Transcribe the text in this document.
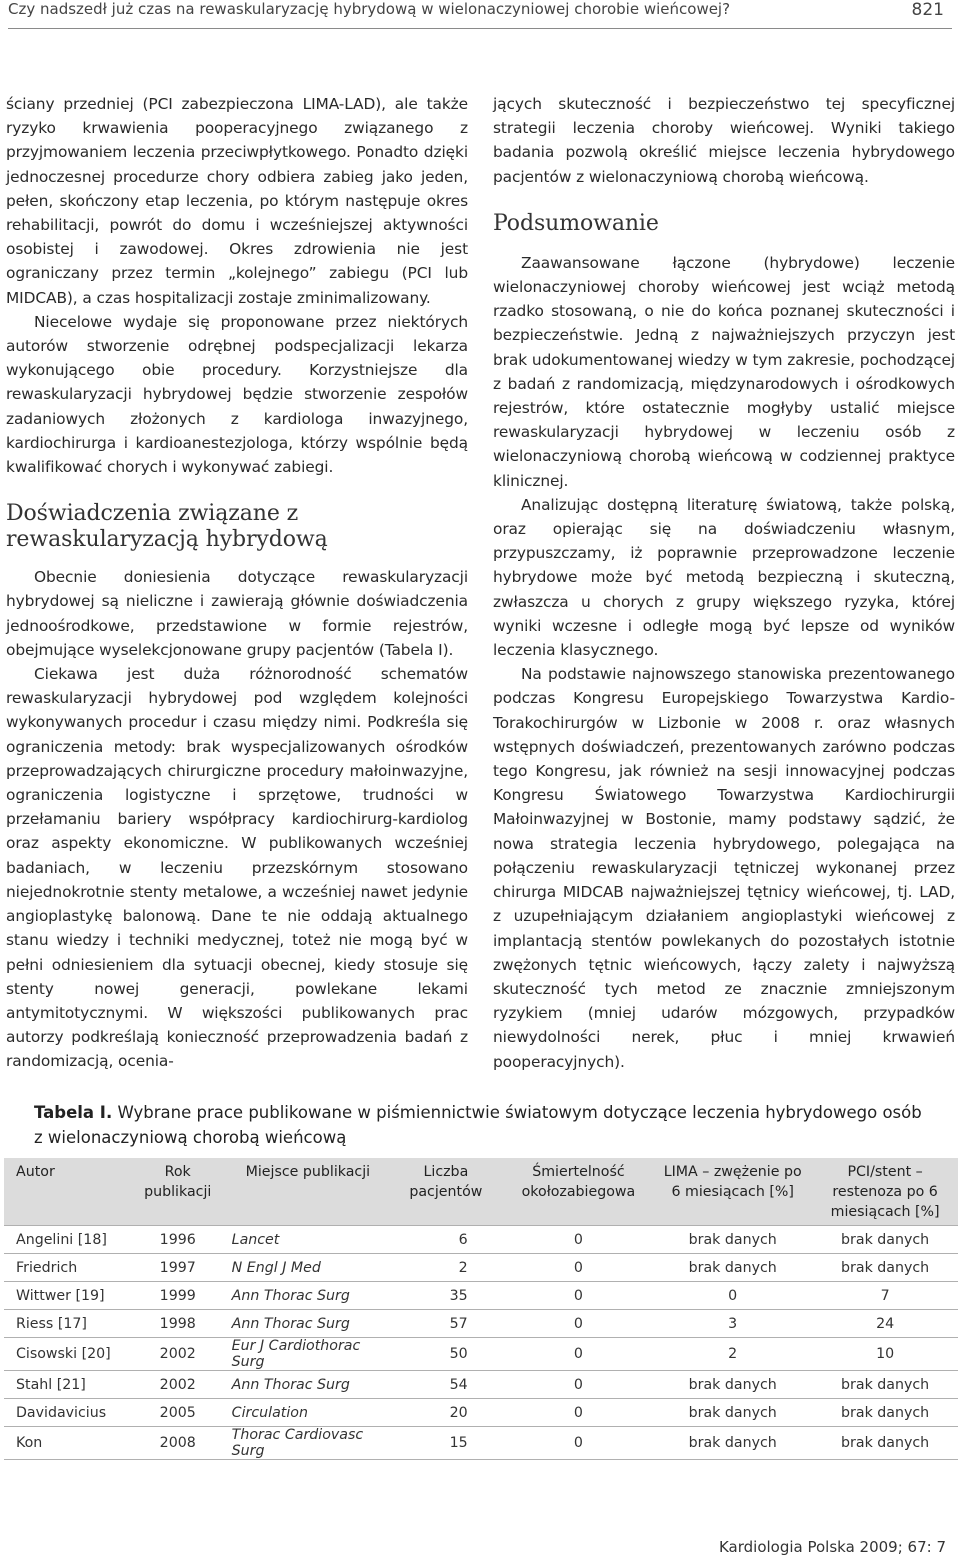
Czy nadszedł już czas na rewaskularyzację hybrydową w wielonaczyniowej chorobie wieńcowej?	821

ściany przedniej (PCI zabezpieczona LIMA-LAD), ale także ryzyko krwawienia pooperacyjnego związanego z przyjmowaniem leczenia przeciwpłytkowego. Ponadto dzięki jednoczesnej procedurze chory odbiera zabieg jako jeden, pełen, skończony etap leczenia, po którym następuje okres rehabilitacji, powrót do domu i wcześniejszej aktywności osobistej i zawodowej. Okres zdrowienia nie jest ograniczany przez termin „kolejnego” zabiegu (PCI lub MIDCAB), a czas hospitalizacji zostaje zminimalizowany.

Niecelowe wydaje się proponowane przez niektórych autorów stworzenie odrębnej podspecjalizacji lekarza wykonującego obie procedury. Korzystniejsze dla rewaskularyzacji hybrydowej będzie stworzenie zespołów zadaniowych złożonych z kardiologa inwazyjnego, kardiochirurga i kardioanestezjologa, którzy wspólnie będą kwalifikować chorych i wykonywać zabiegi.

Doświadczenia związane z rewaskularyzacją hybrydową

Obecnie doniesienia dotyczące rewaskularyzacji hybrydowej są nieliczne i zawierają głównie doświadczenia jednoośrodkowe, przedstawione w formie rejestrów, obejmujące wyselekcjonowane grupy pacjentów (Tabela I).

Ciekawa jest duża różnorodność schematów rewaskularyzacji hybrydowej pod względem kolejności wykonywanych procedur i czasu między nimi. Podkreśla się ograniczenia metody: brak wyspecjalizowanych ośrodków przeprowadzających chirurgiczne procedury małoinwazyjne, ograniczenia logistyczne i sprzętowe, trudności w przełamaniu bariery współpracy kardiochirurg-kardiolog oraz aspekty ekonomiczne. W publikowanych wcześniej badaniach, w leczeniu przezskórnym stosowano niejednokrotnie stenty metalowe, a wcześniej nawet jedynie angioplastykę balonową. Dane te nie oddają aktualnego stanu wiedzy i techniki medycznej, toteż nie mogą być w pełni odniesieniem dla sytuacji obecnej, kiedy stosuje się stenty nowej generacji, powlekane lekami antymitotycznymi. W większości publikowanych prac autorzy podkreślają konieczność przeprowadzenia badań z randomizacją, ocenia-

jących skuteczność i bezpieczeństwo tej specyficznej strategii leczenia choroby wieńcowej. Wyniki takiego badania pozwolą określić miejsce leczenia hybrydowego pacjentów z wielonaczyniową chorobą wieńcową.

Podsumowanie

Zaawansowane łączone (hybrydowe) leczenie wielonaczyniowej choroby wieńcowej jest wciąż metodą rzadko stosowaną, o nie do końca poznanej skuteczności i bezpieczeństwie. Jedną z najważniejszych przyczyn jest brak udokumentowanej wiedzy w tym zakresie, pochodzącej z badań z randomizacją, międzynarodowych i ośrodkowych rejestrów, które ostatecznie mogłyby ustalić miejsce rewaskularyzacji hybrydowej w leczeniu osób z wielonaczyniową chorobą wieńcową w codziennej praktyce klinicznej.

Analizując dostępną literaturę światową, także polską, oraz opierając się na doświadczeniu własnym, przypuszczamy, iż poprawnie przeprowadzone leczenie hybrydowe może być metodą bezpieczną i skuteczną, zwłaszcza u chorych z grupy większego ryzyka, której wyniki wczesne i odległe mogą być lepsze od wyników leczenia klasycznego.

Na podstawie najnowszego stanowiska prezentowanego podczas Kongresu Europejskiego Towarzystwa Kardio-Torakochirurgów w Lizbonie w 2008 r. oraz własnych wstępnych doświadczeń, prezentowanych zarówno podczas tego Kongresu, jak również na sesji innowacyjnej podczas Kongresu Światowego Towarzystwa Kardiochirurgii Małoinwazyjnej w Bostonie, mamy podstawy sądzić, że nowa strategia leczenia hybrydowego, polegająca na połączeniu rewaskularyzacji tętniczej wykonanej przez chirurga MIDCAB najważniejszej tętnicy wieńcowej, tj. LAD, z uzupełniającym działaniem angioplastyki wieńcowej z implantacją stentów powlekanych do pozostałych istotnie zwężonych tętnic wieńcowych, łączy zalety i najwyższą skuteczność tych metod ze znacznie zmniejszonym ryzykiem (mniej udarów mózgowych, przypadków niewydolności nerek, płuc i mniej krwawień pooperacyjnych).

Tabela I. Wybrane prace publikowane w piśmiennictwie światowym dotyczące leczenia hybrydowego osób z wielonaczyniową chorobą wieńcową
Autor	Rok publikacji	Miejsce publikacji	Liczba pacjentów	Śmiertelność okołozabiegowa	LIMA – zwężenie po 6 miesiącach [%]	PCI/stent – restenoza po 6 miesiącach [%]
Angelini [18]	1996	Lancet	6	0	brak danych	brak danych
Friedrich	1997	N Engl J Med	2	0	brak danych	brak danych
Wittwer [19]	1999	Ann Thorac Surg	35	0	0	7
Riess [17]	1998	Ann Thorac Surg	57	0	3	24
Cisowski [20]	2002	Eur J Cardiothorac Surg	50	0	2	10
Stahl [21]	2002	Ann Thorac Surg	54	0	brak danych	brak danych
Davidavicius	2005	Circulation	20	0	brak danych	brak danych
Kon	2008	Thorac Cardiovasc Surg	15	0	brak danych	brak danych
Kardiologia Polska 2009; 67: 7
